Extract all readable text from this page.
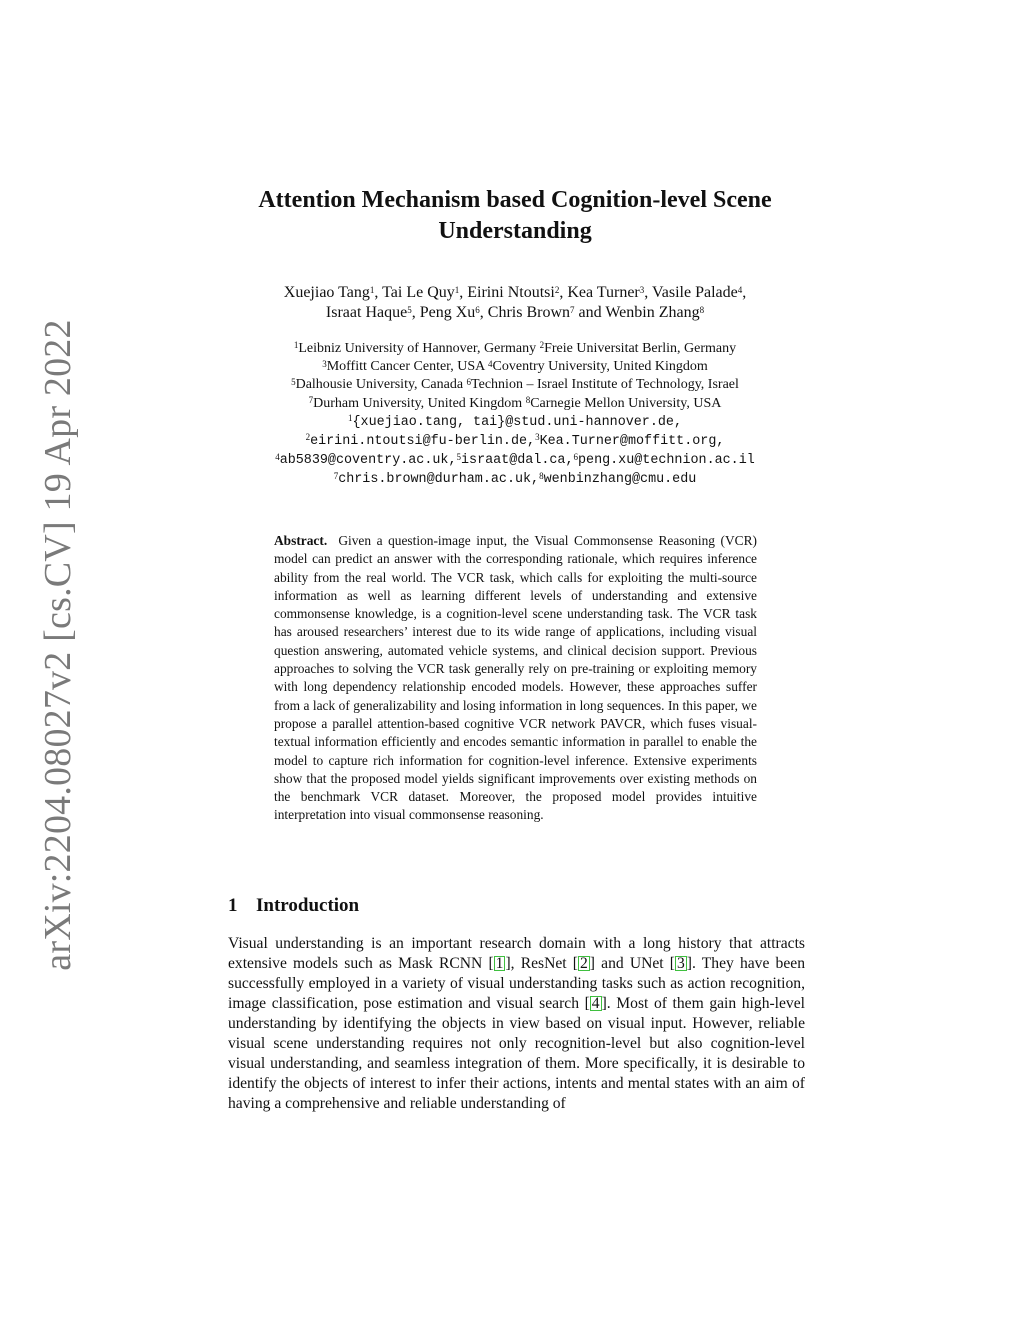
arXiv:2204.08027v2 [cs.CV] 19 Apr 2022
Attention Mechanism based Cognition-level Scene
Understanding
Xuejiao Tang$^1$, Tai Le Quy$^1$, Eirini Ntoutsi$^2$, Kea Turner$^3$, Vasile Palade$^4$,
Israat Haque$^5$, Peng Xu$^6$, Chris Brown$^7$ and Wenbin Zhang$^8$
$^1$Leibniz University of Hannover, Germany $^2$Freie Universitat Berlin, Germany
$^3$Moffitt Cancer Center, USA $^4$Coventry University, United Kingdom
$^5$Dalhousie University, Canada $^6$Technion – Israel Institute of Technology, Israel
$^7$Durham University, United Kingdom $^8$Carnegie Mellon University, USA
$^1${xuejiao.tang, tai}@stud.uni-hannover.de,
$^2$eirini.ntoutsi@fu-berlin.de,$^3$Kea.Turner@moffitt.org,
$^4$ab5839@coventry.ac.uk,$^5$israat@dal.ca,$^6$peng.xu@technion.ac.il
$^7$chris.brown@durham.ac.uk,$^8$wenbinzhang@cmu.edu
Abstract. Given a question-image input, the Visual Commonsense Reasoning (VCR) model can predict an answer with the corresponding rationale, which requires inference ability from the real world. The VCR task, which calls for exploiting the multi-source information as well as learning different levels of understanding and extensive commonsense knowledge, is a cognition-level scene understanding task. The VCR task has aroused researchers’ interest due to its wide range of applications, including visual question answering, automated vehicle systems, and clinical decision support. Previous approaches to solving the VCR task generally rely on pre-training or exploiting memory with long dependency relationship encoded models. However, these approaches suffer from a lack of generalizability and losing information in long sequences. In this paper, we propose a parallel attention-based cognitive VCR network PAVCR, which fuses visual-textual information efficiently and encodes semantic information in parallel to enable the model to capture rich information for cognition-level inference. Extensive experiments show that the proposed model yields significant improvements over existing methods on the benchmark VCR dataset. Moreover, the proposed model provides intuitive interpretation into visual commonsense reasoning.
1 Introduction
Visual understanding is an important research domain with a long history that attracts extensive models such as Mask RCNN [ 1 ], ResNet [ 2 ] and UNet [ 3 ]. They have been successfully employed in a variety of visual understanding tasks such as action recognition, image classification, pose estimation and visual search [ 4 ]. Most of them gain high-level understanding by identifying the objects in view based on visual input. However, reliable visual scene understanding requires not only recognition-level but also cognition-level visual understanding, and seamless integration of them. More specifically, it is desirable to identify the objects of interest to infer their actions, intents and mental states with an aim of having a comprehensive and reliable understanding of
